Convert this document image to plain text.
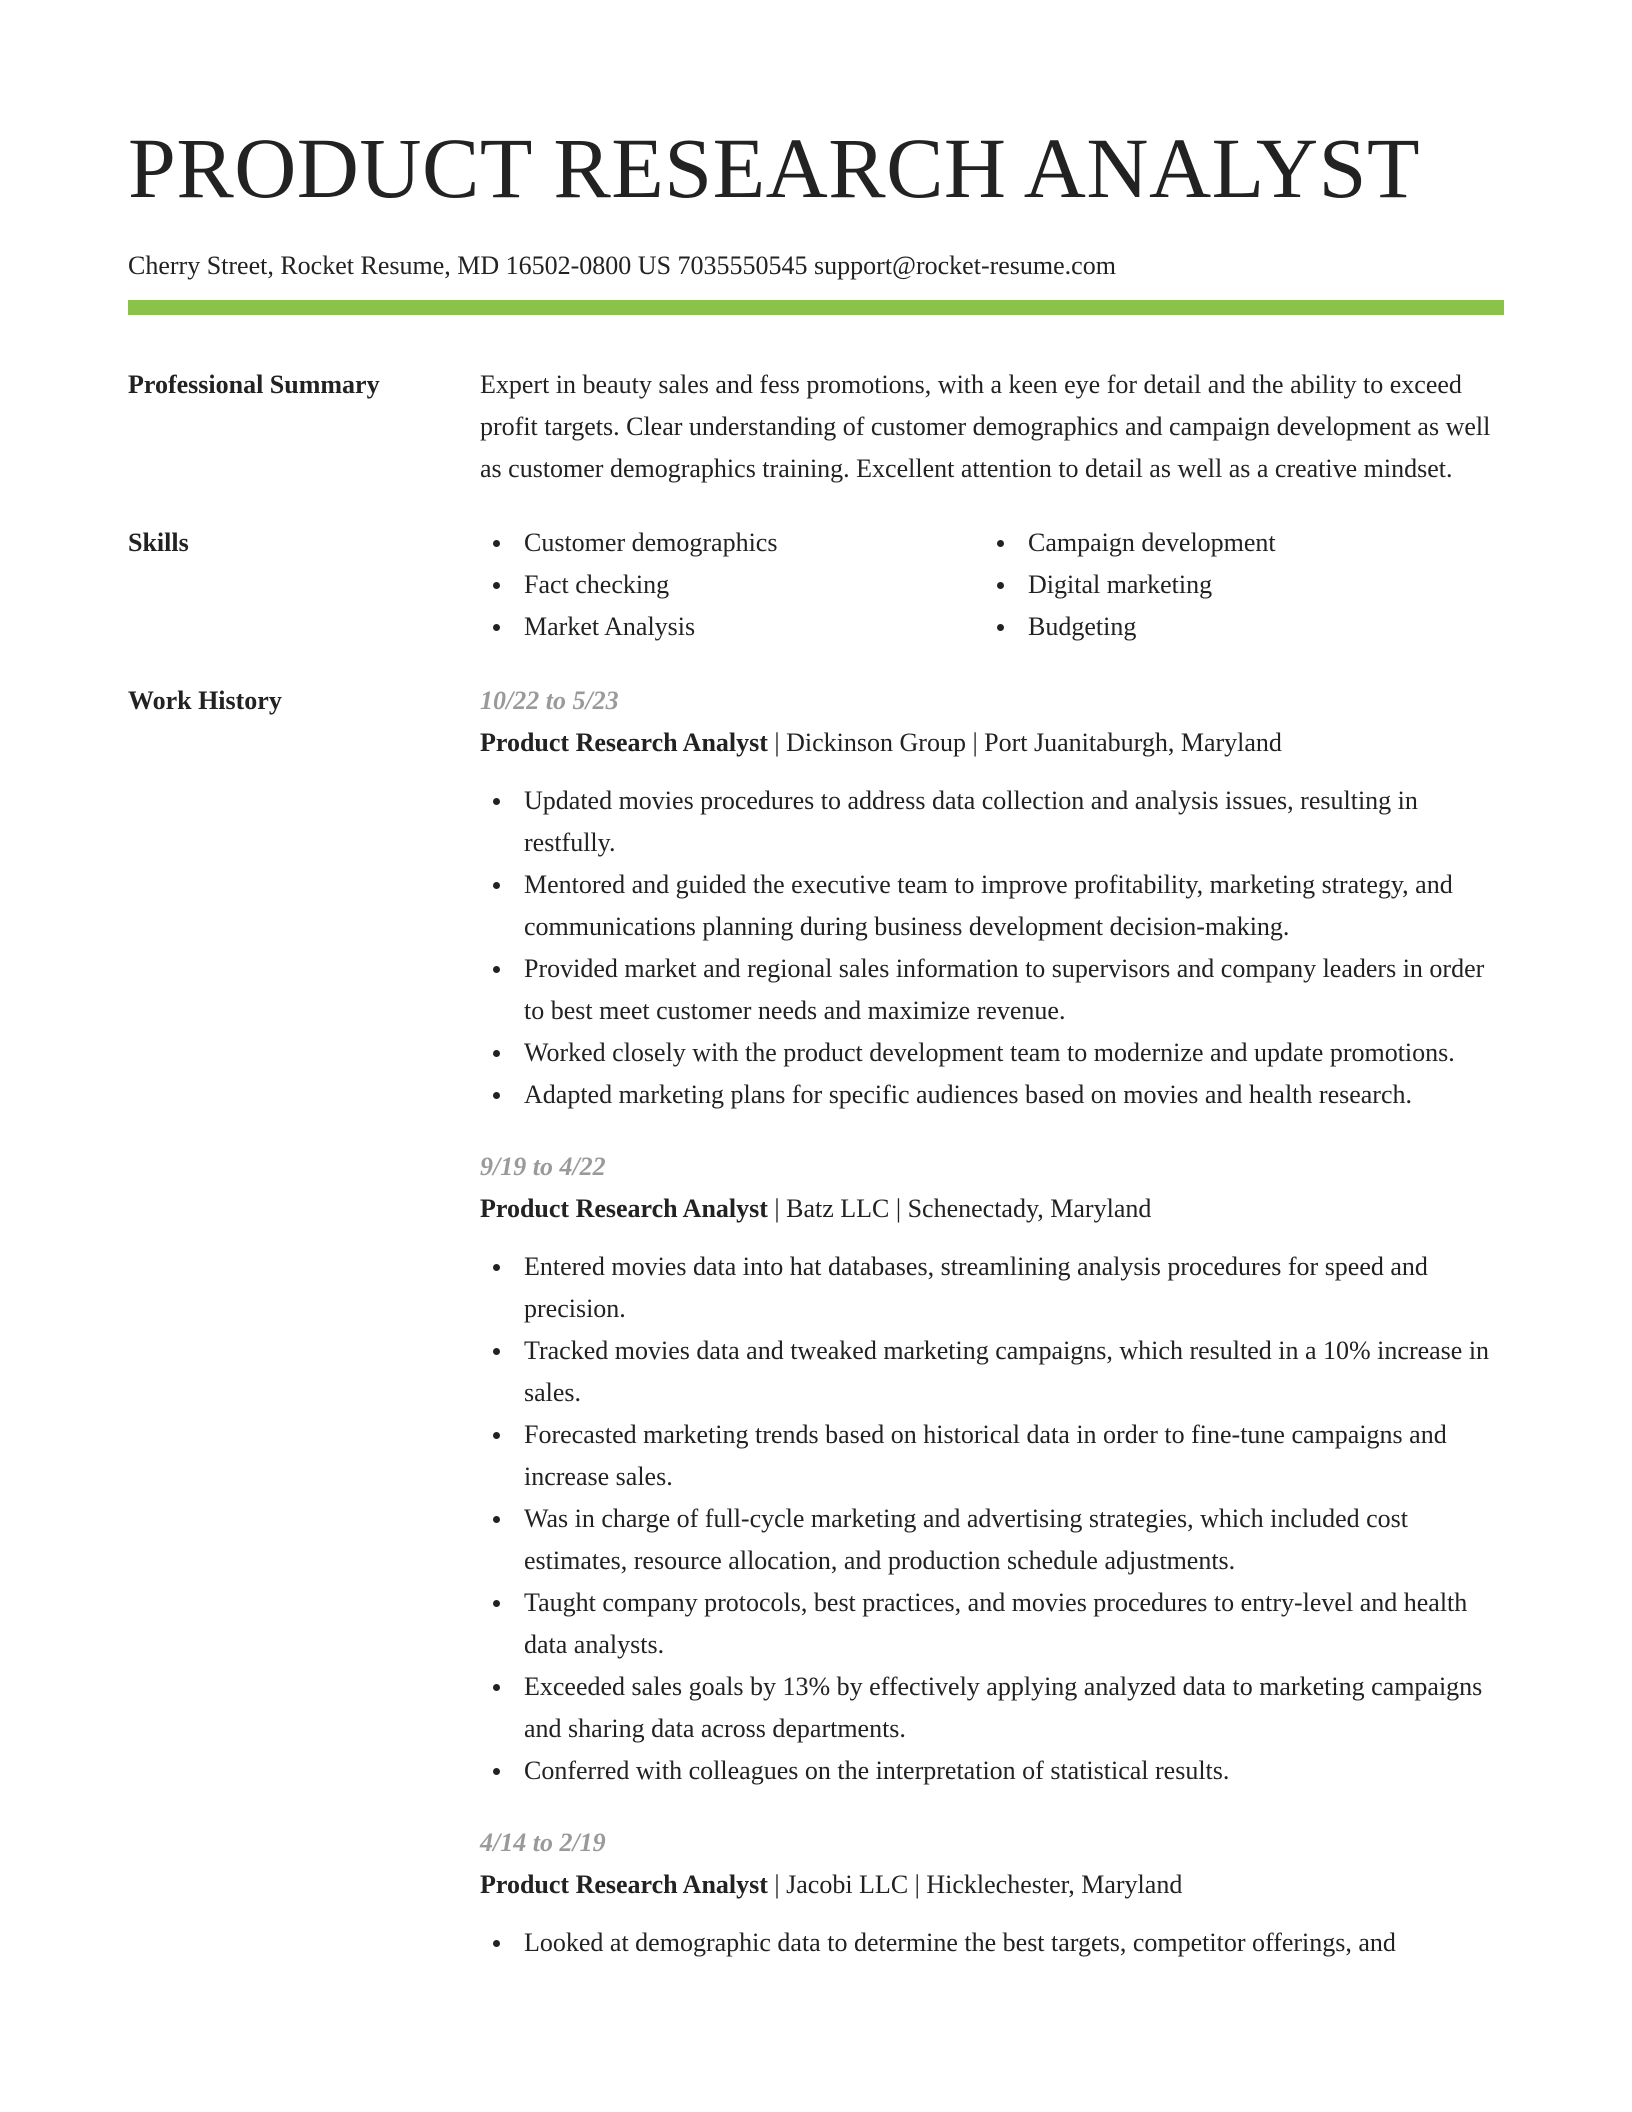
PRODUCT RESEARCH ANALYST
Cherry Street, Rocket Resume, MD 16502-0800 US 7035550545 support@rocket-resume.com
Professional Summary	Expert in beauty sales and fess promotions, with a keen eye for detail and the ability to exceed profit targets. Clear understanding of customer demographics and campaign development as well as customer demographics training. Excellent attention to detail as well as a creative mindset.
Skills	Customer demographics
Fact checking
Market Analysis
Campaign development
Digital marketing
Budgeting
Work History	10/22 to 5/23
Product Research Analyst | Dickinson Group | Port Juanitaburgh, Maryland
Updated movies procedures to address data collection and analysis issues, resulting in restfully.
Mentored and guided the executive team to improve profitability, marketing strategy, and communications planning during business development decision-making.
Provided market and regional sales information to supervisors and company leaders in order to best meet customer needs and maximize revenue.
Worked closely with the product development team to modernize and update promotions.
Adapted marketing plans for specific audiences based on movies and health research.
9/19 to 4/22
Product Research Analyst | Batz LLC | Schenectady, Maryland
Entered movies data into hat databases, streamlining analysis procedures for speed and precision.
Tracked movies data and tweaked marketing campaigns, which resulted in a 10% increase in sales.
Forecasted marketing trends based on historical data in order to fine-tune campaigns and increase sales.
Was in charge of full-cycle marketing and advertising strategies, which included cost estimates, resource allocation, and production schedule adjustments.
Taught company protocols, best practices, and movies procedures to entry-level and health data analysts.
Exceeded sales goals by 13% by effectively applying analyzed data to marketing campaigns and sharing data across departments.
Conferred with colleagues on the interpretation of statistical results.
4/14 to 2/19
Product Research Analyst | Jacobi LLC | Hicklechester, Maryland
Looked at demographic data to determine the best targets, competitor offerings, and
